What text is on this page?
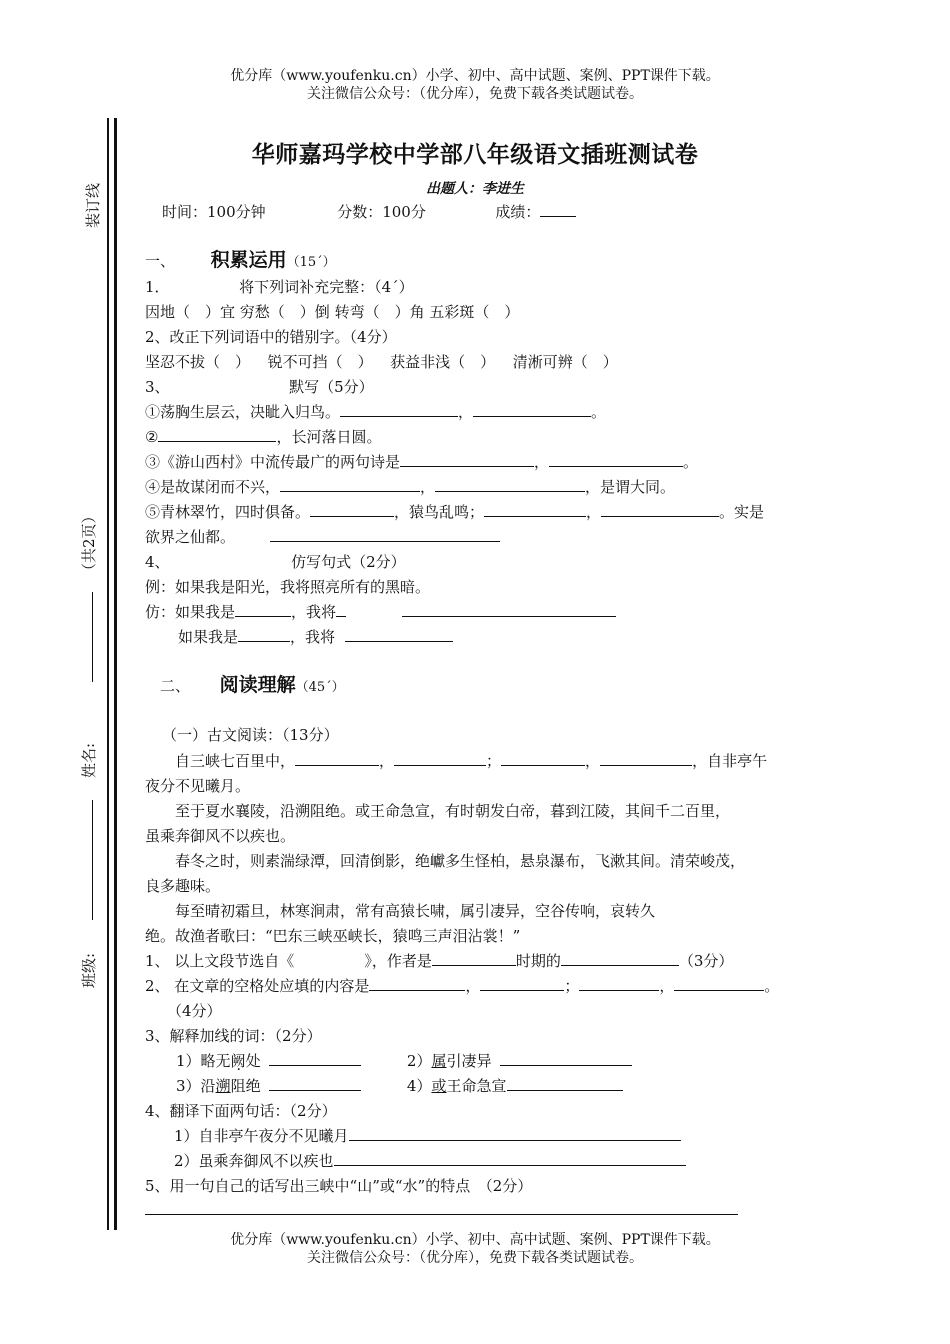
优分库（www.youfenku.cn）小学、初中、高中试题、案例、PPT课件下载。
关注微信公众号：（优分库），免费下载各类试题试卷。
装订线
（共2页）
姓名:
班级:
华师嘉玛学校中学部八年级语文插班测试卷
出题人：李进生
时间：100分钟	分数：100分	成绩：
一、 积累运用（15´）
1．	将下列词补充完整：（4´）
因地（　）宜 穷愁（　）倒 转弯（　）角 五彩斑（　）
2、改正下列词语中的错别字。（4分）
坚忍不拔（　） 锐不可挡（　） 获益非浅（　） 清淅可辨（　）
3、	默写（5分）
①荡胸生层云，决眦入归鸟。	，	。
②	，长河落日圆。
③《游山西村》中流传最广的两句诗是	，	。
④是故谋闭而不兴，	，	，是谓大同。
⑤青林翠竹，四时俱备。	，猿鸟乱鸣；	，	。实是
欲界之仙都。
4、	仿写句式（2分）
例：如果我是阳光，我将照亮所有的黑暗。
仿：如果我是	，我将
如果我是	，我将
二、 阅读理解（45´）
（一）古文阅读：（13分）
自三峡七百里中，	，	；	，	，自非亭午
夜分不见曦月。
至于夏水襄陵，沿溯阻绝。或王命急宣，有时朝发白帝，暮到江陵，其间千二百里，
虽乘奔御风不以疾也。
春冬之时，则素湍绿潭，回清倒影，绝巘多生怪柏，悬泉瀑布，飞漱其间。清荣峻茂，
良多趣味。
每至晴初霜旦，林寒涧肃，常有高猿长啸，属引凄异，空谷传响，哀转久
绝。故渔者歌曰：“巴东三峡巫峡长，猿鸣三声泪沾裳！”
1、 以上文段节选自《	》，作者是	时期的	（3分）
2、 在文章的空格处应填的内容是	，	；	，	。
（4分）
3、解释加线的词：（2分）
1）略无阙处	2）属引凄异
3）沿溯阻绝	4）或王命急宣
4、翻译下面两句话：（2分）
1）自非亭午夜分不见曦月
2）虽乘奔御风不以疾也
5、用一句自己的话写出三峡中“山”或“水”的特点　（2分）
优分库（www.youfenku.cn）小学、初中、高中试题、案例、PPT课件下载。
关注微信公众号：（优分库），免费下载各类试题试卷。
